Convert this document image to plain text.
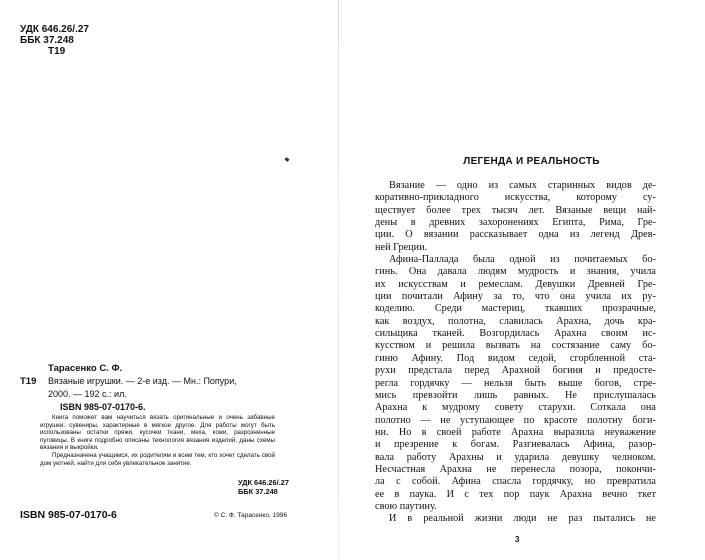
УДК 646.26/.27
ББК 37.248
Т19
Тарасенко С. Ф.
Т19 Вязаные игрушки. — 2-е изд. — Мн.: Попури,
2000. — 192 с.: ил.
ISBN 985-07-0170-6.

Книга поможет вам научиться вязать оригинальные и очень забавные игрушки: сувениры, характерные в мягкое другое. Для работы могут быть использованы остатки пряжи, кусочки ткани, меха, кожи, разрозненные пуговицы. В книге подробно описаны технология вязания изделий, даны схемы вязания и выкройки.

Предназначена учащимся, их родителям и всем тем, кто хочет сделать свой дом уютней, найти для себя увлекательное занятие.

УДК 646.26/.27
ББК 37.248
ISBN 985-07-0170-6	© С. Ф. Тарасенко, 1996
ЛЕГЕНДА И РЕАЛЬНОСТЬ
Вязание — одно из самых старинных видов де-
коративно-прикладного искусства, которому су-
ществует более трех тысяч лет. Вязаные вещи най-
дены в древних захоронениях Египта, Рима, Гре-
ции. О вязании рассказывает одна из легенд Древ-
ней Греции.
Афина-Паллада была одной из почитаемых бо-
гинь. Она давала людям мудрость и знания, учила
их искусствам и ремеслам. Девушки Древней Гре-
ции почитали Афину за то, что она учила их ру-
коделию. Среди мастериц, ткавших прозрачные,
как воздух, полотна, славилась Арахна, дочь кра-
сильщика тканей. Возгордилась Арахна своим ис-
кусством и решила вызвать на состязание саму бо-
гиню Афину. Под видом седой, сгорбленной ста-
рухи предстала перед Арахной богиня и предосте-
регла гордячку — нельзя быть выше богов, стре-
мись превзойти лишь равных. Не прислушалась
Арахна к мудрому совету старухи. Соткала она
полотно — не уступающее по красоте полотну боги-
ни. Но в своей работе Арахна выразила неуважение
и презрение к богам. Разгневалась Афина, разор-
вала работу Арахны и ударила девушку челноком.
Несчастная Арахна не перенесла позора, покончи-
ла с собой. Афина спасла гордячку, но превратила
ее в паука. И с тех пор паук Арахна вечно ткет
свою паутину.
И в реальной жизни люди не раз пытались не
3
